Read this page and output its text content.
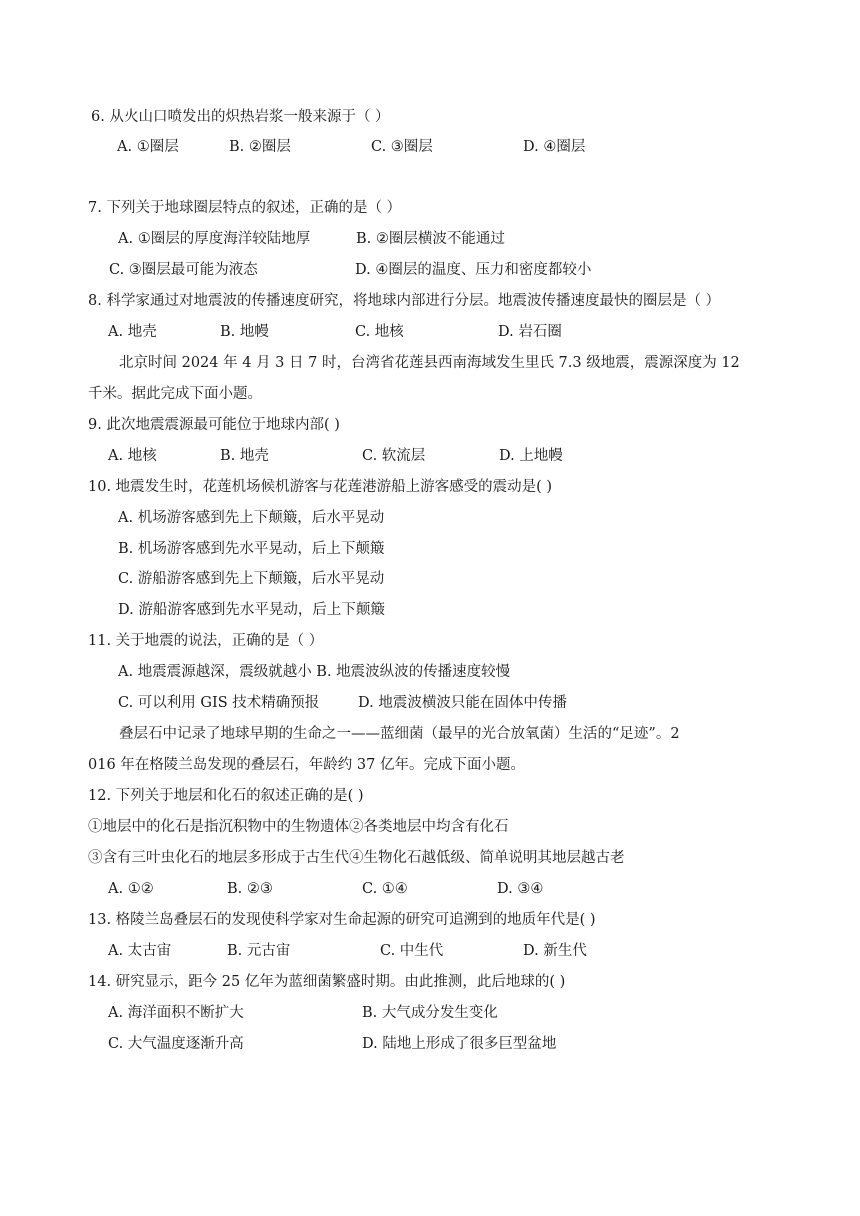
6. 从火山口喷发出的炽热岩浆一般来源于（ ）
A. ①圈层	B. ②圈层	C. ③圈层	D. ④圈层
7. 下列关于地球圈层特点的叙述，正确的是（ ）
A. ①圈层的厚度海洋较陆地厚	B. ②圈层横波不能通过
C. ③圈层最可能为液态	D. ④圈层的温度、压力和密度都较小
8. 科学家通过对地震波的传播速度研究，将地球内部进行分层。地震波传播速度最快的圈层是（ ）
A. 地壳	B. 地幔	C. 地核	D. 岩石圈
北京时间 2024 年 4 月 3 日 7 时，台湾省花莲县西南海域发生里氏 7.3 级地震，震源深度为 12
千米。据此完成下面小题。
9. 此次地震震源最可能位于地球内部( )
A. 地核	B. 地壳	C. 软流层	D. 上地幔
10. 地震发生时，花莲机场候机游客与花莲港游船上游客感受的震动是( )
A. 机场游客感到先上下颠簸，后水平晃动
B. 机场游客感到先水平晃动，后上下颠簸
C. 游船游客感到先上下颠簸，后水平晃动
D. 游船游客感到先水平晃动，后上下颠簸
11. 关于地震的说法，正确的是（ ）
A. 地震震源越深，震级就越小 B. 地震波纵波的传播速度较慢
C. 可以利用 GIS 技术精确预报	D. 地震波横波只能在固体中传播
叠层石中记录了地球早期的生命之一——蓝细菌（最早的光合放氧菌）生活的“足迹”。2
016 年在格陵兰岛发现的叠层石，年龄约 37 亿年。完成下面小题。
12. 下列关于地层和化石的叙述正确的是( )
①地层中的化石是指沉积物中的生物遗体②各类地层中均含有化石
③含有三叶虫化石的地层多形成于古生代④生物化石越低级、简单说明其地层越古老
A. ①②	B. ②③	C. ①④	D. ③④
13. 格陵兰岛叠层石的发现使科学家对生命起源的研究可追溯到的地质年代是( )
A. 太古宙	B. 元古宙	C. 中生代	D. 新生代
14. 研究显示，距今 25 亿年为蓝细菌繁盛时期。由此推测，此后地球的( )
A. 海洋面积不断扩大	B. 大气成分发生变化
C. 大气温度逐渐升高	D. 陆地上形成了很多巨型盆地
